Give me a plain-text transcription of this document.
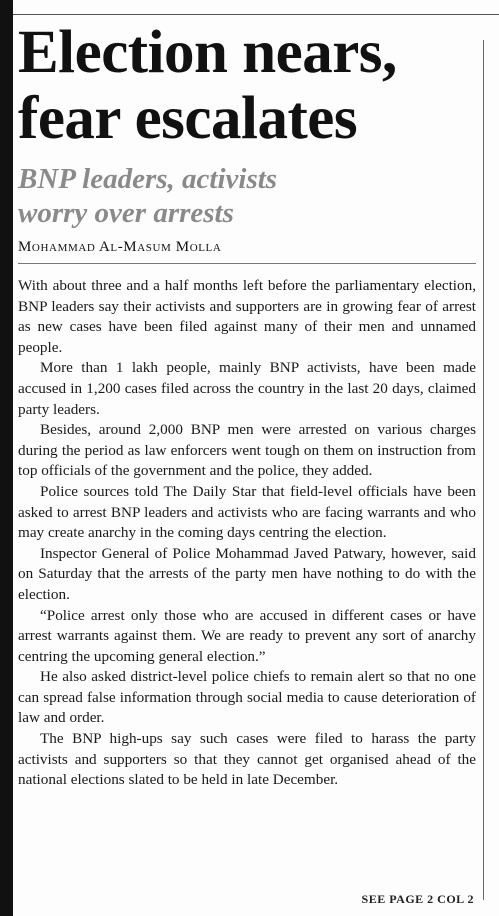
Election nears,
fear escalates
BNP leaders, activists
worry over arrests
Mohammad Al-Masum Molla

With about three and a half months left before the parliamentary election, BNP leaders say their activists and supporters are in growing fear of arrest as new cases have been filed against many of their men and unnamed people.

More than 1 lakh people, mainly BNP activists, have been made accused in 1,200 cases filed across the country in the last 20 days, claimed party leaders.

Besides, around 2,000 BNP men were arrested on various charges during the period as law enforcers went tough on them on instruction from top officials of the government and the police, they added.

Police sources told The Daily Star that field-level officials have been asked to arrest BNP leaders and activists who are facing warrants and who may create anarchy in the coming days centring the election.

Inspector General of Police Mohammad Javed Patwary, however, said on Saturday that the arrests of the party men have nothing to do with the election.

“Police arrest only those who are accused in different cases or have arrest warrants against them. We are ready to prevent any sort of anarchy centring the upcoming general election.”

He also asked district-level police chiefs to remain alert so that no one can spread false information through social media to cause deterioration of law and order.

The BNP high-ups say such cases were filed to harass the party activists and supporters so that they cannot get organised ahead of the national elections slated to be held in late December.

SEE PAGE 2 COL 2
